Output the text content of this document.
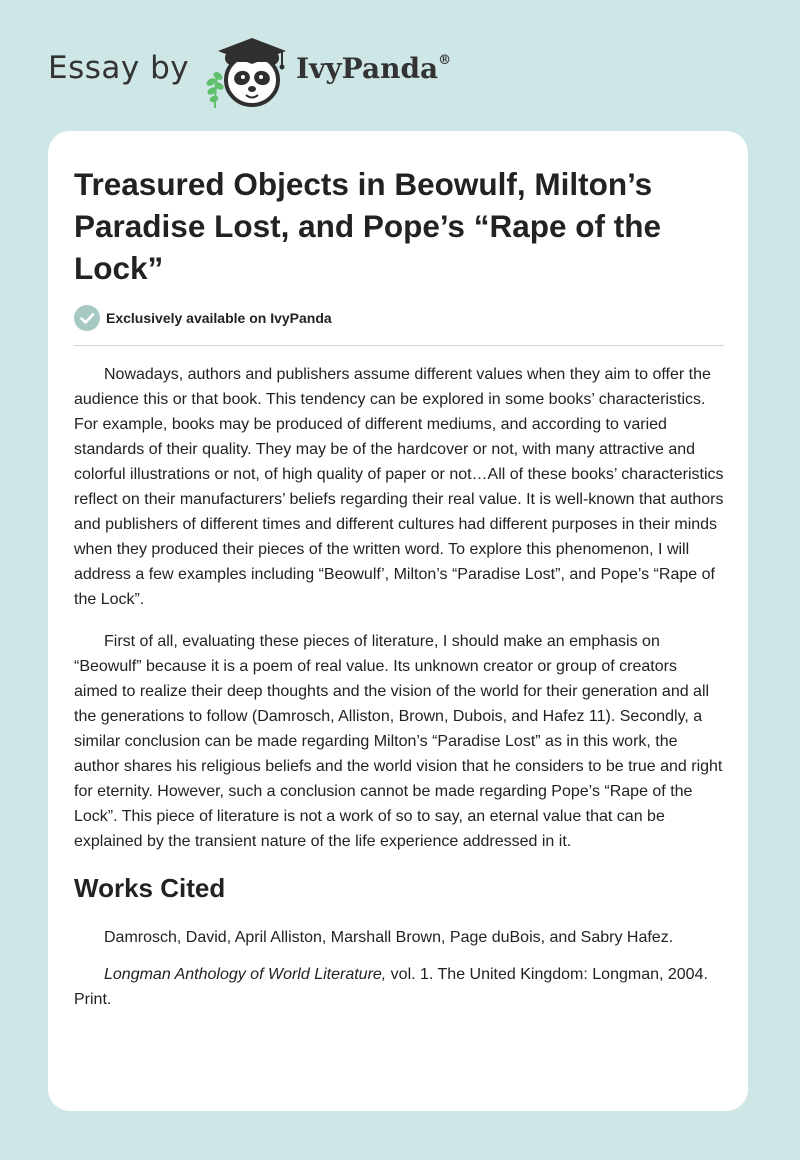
Essay by	IvyPanda®
Treasured Objects in Beowulf, Milton’s Paradise Lost, and Pope’s “Rape of the Lock”
Exclusively available on IvyPanda

Nowadays, authors and publishers assume different values when they aim to offer the audience this or that book. This tendency can be explored in some books’ characteristics. For example, books may be produced of different mediums, and according to varied standards of their quality. They may be of the hardcover or not, with many attractive and colorful illustrations or not, of high quality of paper or not…All of these books’ characteristics reflect on their manufacturers’ beliefs regarding their real value. It is well-known that authors and publishers of different times and different cultures had different purposes in their minds when they produced their pieces of the written word. To explore this phenomenon, I will address a few examples including “Beowulf’, Milton’s “Paradise Lost”, and Pope’s “Rape of the Lock”.

First of all, evaluating these pieces of literature, I should make an emphasis on “Beowulf” because it is a poem of real value. Its unknown creator or group of creators aimed to realize their deep thoughts and the vision of the world for their generation and all the generations to follow (Damrosch, Alliston, Brown, Dubois, and Hafez 11). Secondly, a similar conclusion can be made regarding Milton’s “Paradise Lost” as in this work, the author shares his religious beliefs and the world vision that he considers to be true and right for eternity. However, such a conclusion cannot be made regarding Pope’s “Rape of the Lock”. This piece of literature is not a work of so to say, an eternal value that can be explained by the transient nature of the life experience addressed in it.

Works Cited

Damrosch, David, April Alliston, Marshall Brown, Page duBois, and Sabry Hafez.

Longman Anthology of World Literature, vol. 1. The United Kingdom: Longman, 2004. Print.
